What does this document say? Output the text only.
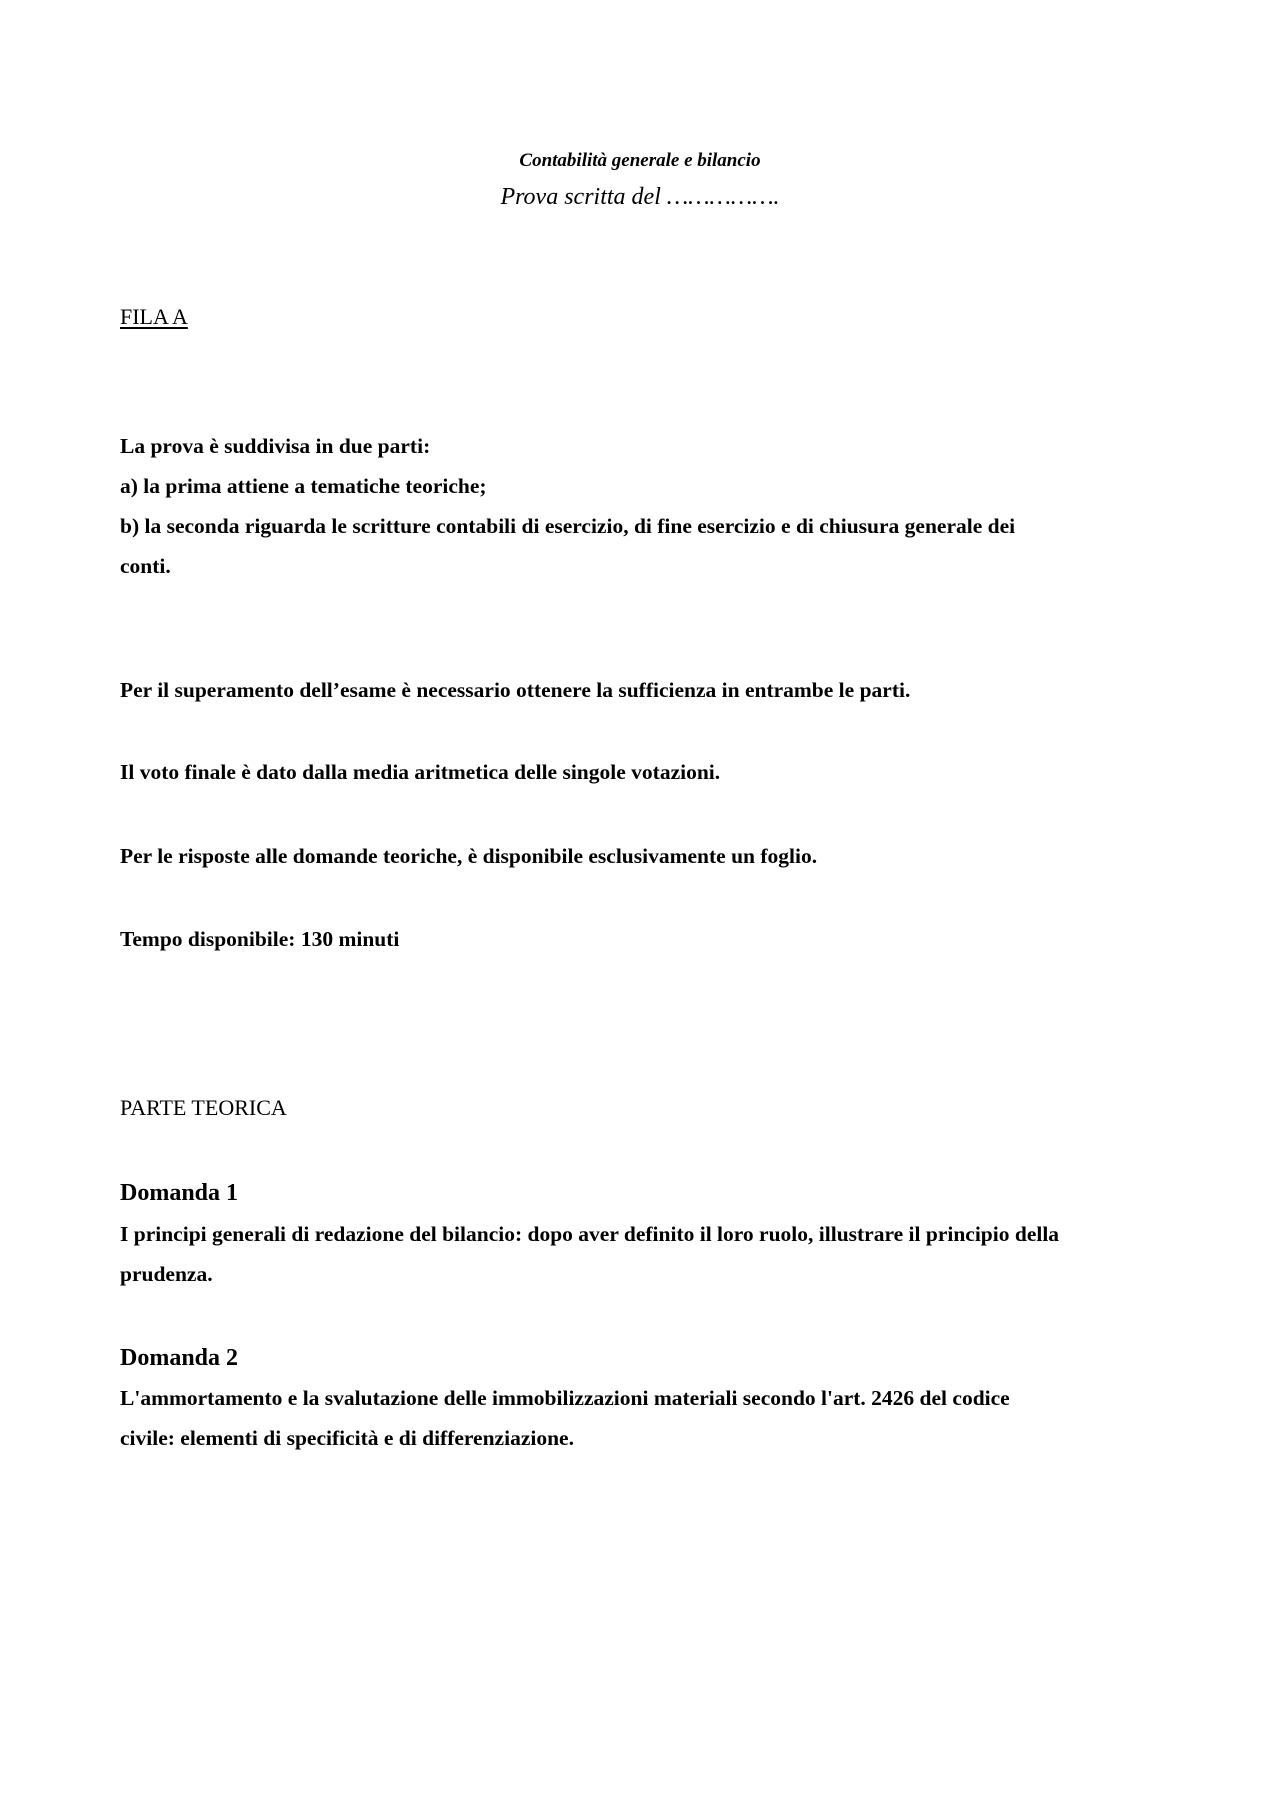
Contabilità generale e bilancio
Prova scritta del …………….
FILA A
La prova è suddivisa in due parti:
a) la prima attiene a tematiche teoriche;
b) la seconda riguarda le scritture contabili di esercizio, di fine esercizio e di chiusura generale dei
conti.
Per il superamento dell’esame è necessario ottenere la sufficienza in entrambe le parti.
Il voto finale è dato dalla media aritmetica delle singole votazioni.
Per le risposte alle domande teoriche, è disponibile esclusivamente un foglio.
Tempo disponibile: 130 minuti
PARTE TEORICA
Domanda 1
I principi generali di redazione del bilancio: dopo aver definito il loro ruolo, illustrare il principio della
prudenza.
Domanda 2
L'ammortamento e la svalutazione delle immobilizzazioni materiali secondo l'art. 2426 del codice
civile: elementi di specificità e di differenziazione.
